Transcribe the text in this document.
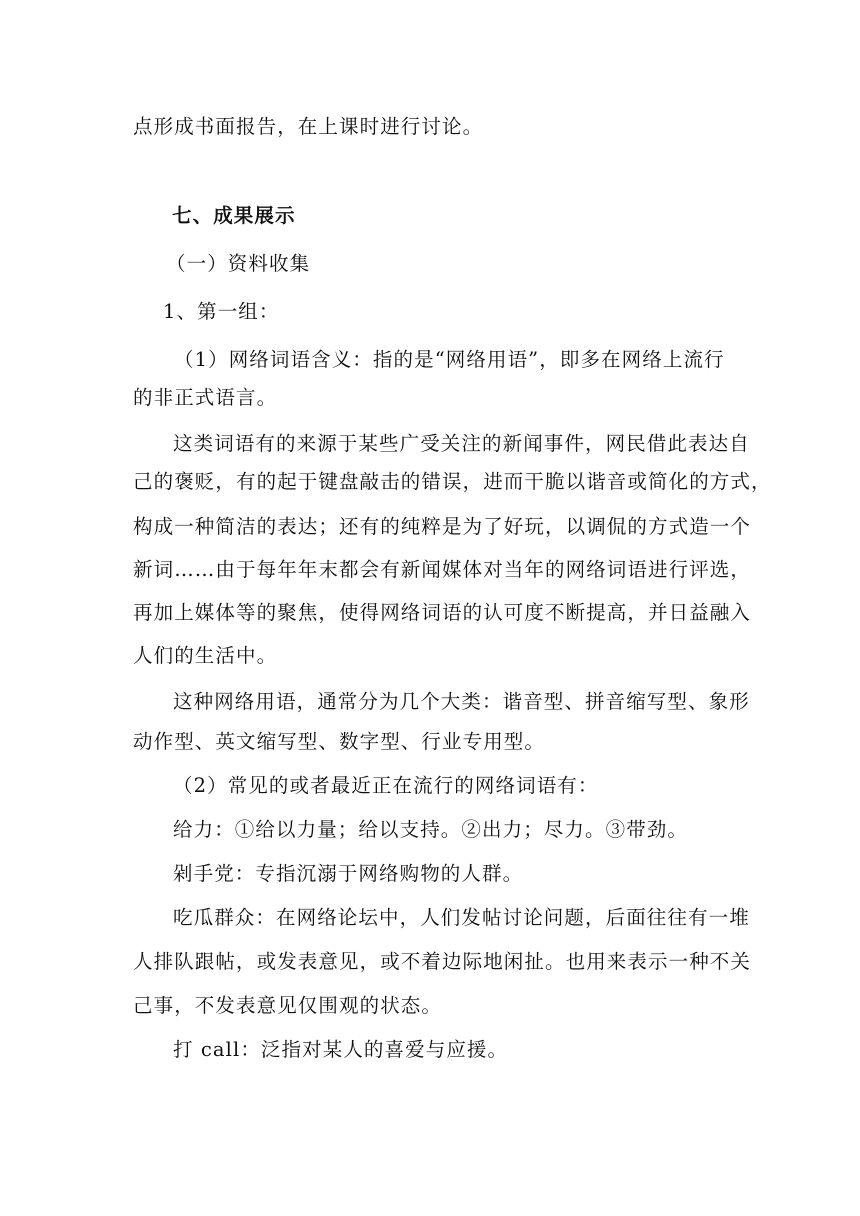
点形成书面报告，在上课时进行讨论。
七、成果展示
（一）资料收集
1、第一组：
（1）网络词语含义：指的是“网络用语”，即多在网络上流行
的非正式语言。
这类词语有的来源于某些广受关注的新闻事件，网民借此表达自
己的褒贬，有的起于键盘敲击的错误，进而干脆以谐音或简化的方式，
构成一种简洁的表达；还有的纯粹是为了好玩，以调侃的方式造一个
新词……由于每年年末都会有新闻媒体对当年的网络词语进行评选，
再加上媒体等的聚焦，使得网络词语的认可度不断提高，并日益融入
人们的生活中。
这种网络用语，通常分为几个大类：谐音型、拼音缩写型、象形
动作型、英文缩写型、数字型、行业专用型。
（2）常见的或者最近正在流行的网络词语有：
给力：①给以力量；给以支持。②出力；尽力。③带劲。
剁手党：专指沉溺于网络购物的人群。
吃瓜群众：在网络论坛中，人们发帖讨论问题，后面往往有一堆
人排队跟帖，或发表意见，或不着边际地闲扯。也用来表示一种不关
己事，不发表意见仅围观的状态。
打 call：泛指对某人的喜爱与应援。
